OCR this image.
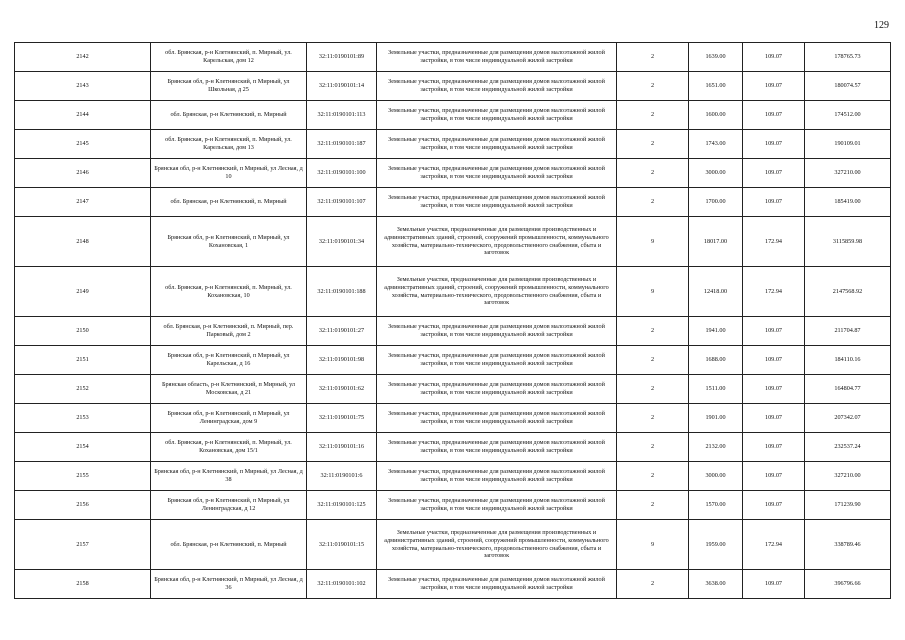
129
2142	обл. Брянская, р-н Клетнянский, п. Мирный, ул. Карельская, дом 12	32:11:0190101:89	Земельные участки, предназначенные для размещения домов малоэтажной жилой застройки, в том числе индивидуальной жилой застройки	2	1639.00	109.07	178765.73
2143	Брянская обл, р-н Клетнянский, п Мирный, ул Школьная, д 25	32:11:0190101:14	Земельные участки, предназначенные для размещения домов малоэтажной жилой застройки, в том числе индивидуальной жилой застройки	2	1651.00	109.07	180074.57
2144	обл. Брянская, р-н Клетнянский, п. Мирный	32:11:0190101:113	Земельные участки, предназначенные для размещения домов малоэтажной жилой застройки, в том числе индивидуальной жилой застройки	2	1600.00	109.07	174512.00
2145	обл. Брянская, р-н Клетнянский, п. Мирный, ул. Карельская, дом 13	32:11:0190101:187	Земельные участки, предназначенные для размещения домов малоэтажной жилой застройки, в том числе индивидуальной жилой застройки	2	1743.00	109.07	190109.01
2146	Брянская обл, р-н Клетнянский, п Мирный, ул Лесная, д 10	32:11:0190101:100	Земельные участки, предназначенные для размещения домов малоэтажной жилой застройки, в том числе индивидуальной жилой застройки	2	3000.00	109.07	327210.00
2147	обл. Брянская, р-н Клетнянский, п. Мирный	32:11:0190101:107	Земельные участки, предназначенные для размещения домов малоэтажной жилой застройки, в том числе индивидуальной жилой застройки	2	1700.00	109.07	185419.00
2148	Брянская обл, р-н Клетнянский, п Мирный, ул Кохановская, 1	32:11:0190101:34	Земельные участки, предназначенные для размещения производственных и административных зданий, строений, сооружений промышленности, коммунального хозяйства, материально-технического, продовольственного снабжения, сбыта и заготовок	9	18017.00	172.94	3115859.98
2149	обл. Брянская, р-н Клетнянский, п. Мирный, ул. Кохановская, 10	32:11:0190101:188	Земельные участки, предназначенные для размещения производственных и административных зданий, строений, сооружений промышленности, коммунального хозяйства, материально-технического, продовольственного снабжения, сбыта и заготовок	9	12418.00	172.94	2147568.92
2150	обл. Брянская, р-н Клетнянский, п. Мирный, пер. Парковый, дом 2	32:11:0190101:27	Земельные участки, предназначенные для размещения домов малоэтажной жилой застройки, в том числе индивидуальной жилой застройки	2	1941.00	109.07	211704.87
2151	Брянская обл, р-н Клетнянский, п Мирный, ул Карельская, д 16	32:11:0190101:98	Земельные участки, предназначенные для размещения домов малоэтажной жилой застройки, в том числе индивидуальной жилой застройки	2	1688.00	109.07	184110.16
2152	Брянская область, р-н Клетнянский, п Мирный, ул Московская, д 21	32:11:0190101:62	Земельные участки, предназначенные для размещения домов малоэтажной жилой застройки, в том числе индивидуальной жилой застройки	2	1511.00	109.07	164804.77
2153	Брянская обл, р-н Клетнянский, п Мирный, ул Ленинградская, дом 9	32:11:0190101:75	Земельные участки, предназначенные для размещения домов малоэтажной жилой застройки, в том числе индивидуальной жилой застройки	2	1901.00	109.07	207342.07
2154	обл. Брянская, р-н Клетнянский, п. Мирный, ул. Кохановская, дом 15/1	32:11:0190101:16	Земельные участки, предназначенные для размещения домов малоэтажной жилой застройки, в том числе индивидуальной жилой застройки	2	2132.00	109.07	232537.24
2155	Брянская обл, р-н Клетнянский, п Мирный, ул Лесная, д 38	32:11:0190101:6	Земельные участки, предназначенные для размещения домов малоэтажной жилой застройки, в том числе индивидуальной жилой застройки	2	3000.00	109.07	327210.00
2156	Брянская обл, р-н Клетнянский, п Мирный, ул Ленинградская, д 12	32:11:0190101:125	Земельные участки, предназначенные для размещения домов малоэтажной жилой застройки, в том числе индивидуальной жилой застройки	2	1570.00	109.07	171239.90
2157	обл. Брянская, р-н Клетнянский, п. Мирный	32:11:0190101:15	Земельные участки, предназначенные для размещения производственных и административных зданий, строений, сооружений промышленности, коммунального хозяйства, материально-технического, продовольственного снабжения, сбыта и заготовок	9	1959.00	172.94	338789.46
2158	Брянская обл, р-н Клетнянский, п Мирный, ул Лесная, д 36	32:11:0190101:102	Земельные участки, предназначенные для размещения домов малоэтажной жилой застройки, в том числе индивидуальной жилой застройки	2	3638.00	109.07	396796.66
